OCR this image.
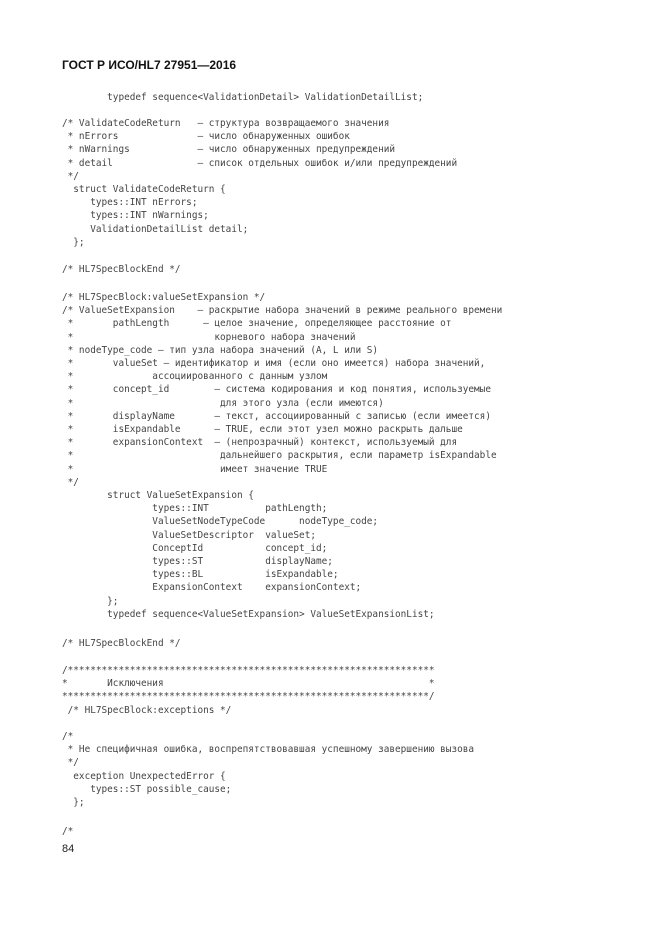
ГОСТ Р ИСО/HL7 27951—2016
typedef sequence<ValidationDetail> ValidationDetailList;
/* ValidateCodeReturn   – структура возвращаемого значения
* nErrors              – число обнаруженных ошибок
* nWarnings            – число обнаруженных предупреждений
* detail               – список отдельных ошибок и/или предупреждений
*/
struct ValidateCodeReturn {
types::INT nErrors;
types::INT nWarnings;
ValidationDetailList detail;
};
/* HL7SpecBlockEnd */
/* HL7SpecBlock:valueSetExpansion */
/* ValueSetExpansion    – раскрытие набора значений в режиме реального времени
*       pathLength      – целое значение, определяющее расстояние от
*                         корневого набора значений
* nodeType_code – тип узла набора значений (A, L или S)
*       valueSet – идентификатор и имя (если оно имеется) набора значений,
*              ассоциированного с данным узлом
*       concept_id        – система кодирования и код понятия, используемые
*                          для этого узла (если имеются)
*       displayName       – текст, ассоциированный с записью (если имеется)
*       isExpandable      – TRUE, если этот узел можно раскрыть дальше
*       expansionContext  – (непрозрачный) контекст, используемый для
*                          дальнейшего раскрытия, если параметр isExpandable
*                          имеет значение TRUE
*/
struct ValueSetExpansion {
types::INT          pathLength;
ValueSetNodeTypeCode      nodeType_code;
ValueSetDescriptor  valueSet;
ConceptId           concept_id;
types::ST           displayName;
types::BL           isExpandable;
ExpansionContext    expansionContext;
};
typedef sequence<ValueSetExpansion> ValueSetExpansionList;
/* HL7SpecBlockEnd */
/*****************************************************************
*       Исключения                                               *
*****************************************************************/
/* HL7SpecBlock:exceptions */
/*
* Не специфичная ошибка, воспрепятствовавшая успешному завершению вызова
*/
exception UnexpectedError {
types::ST possible_cause;
};
/*
84
